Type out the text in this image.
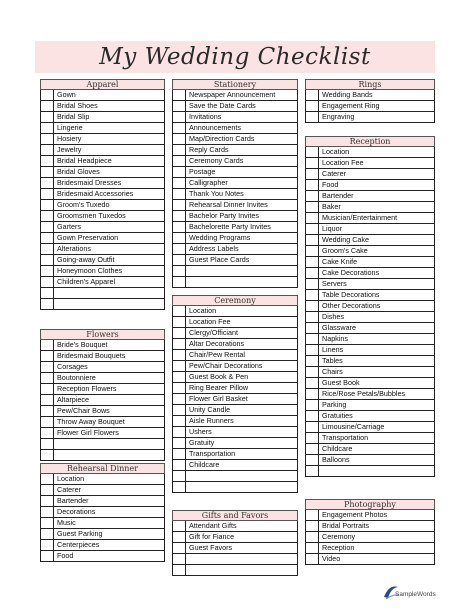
My Wedding Checklist
Apparel
Gown
Bridal Shoes
Bridal Slip
Lingerie
Hosiery
Jewelry
Bridal Headpiece
Bridal Gloves
Bridesmaid Dresses
Bridesmaid Accessories
Groom's Tuxedo
Groomsmen Tuxedos
Garters
Gown Preservation
Alterations
Going-away Outfit
Honeymoon Clothes
Children's Apparel
Flowers
Bride's Bouquet
Bridesmaid Bouquets
Corsages
Boutonniere
Reception Flowers
Altarpiece
Pew/Chair Bows
Throw Away Bouquet
Flower Girl Flowers
Rehearsal Dinner
Location
Caterer
Bartender
Decorations
Music
Guest Parking
Centerpieces
Food
Stationery
Newspaper Announcement
Save the Date Cards
Invitations
Announcements
Map/Direction Cards
Reply Cards
Ceremony Cards
Postage
Calligrapher
Thank You Notes
Rehearsal Dinner Invites
Bachelor Party Invites
Bachelorette Party Invites
Wedding Programs
Address Labels
Guest Place Cards
Ceremony
Location
Location Fee
Clergy/Officiant
Altar Decorations
Chair/Pew Rental
Pew/Chair Decorations
Guest Book & Pen
Ring Bearer Pillow
Flower Girl Basket
Unity Candle
Aisle Runners
Ushers
Gratuity
Transportation
Childcare
Gifts and Favors
Attendant Gifts
Gift for Fiance
Guest Favors
Rings
Wedding Bands
Engagement Ring
Engraving
Reception
Location
Location Fee
Caterer
Food
Bartender
Baker
Musician/Entertainment
Liquor
Wedding Cake
Groom's Cake
Cake Knife
Cake Decorations
Servers
Table Decorations
Other Decorations
Dishes
Glassware
Napkins
Linens
Tables
Chairs
Guest Book
Rice/Rose Petals/Bubbles
Parking
Gratuities
Limousine/Carriage
Transportation
Childcare
Balloons
Photography
Engagement Photos
Bridal Portraits
Ceremony
Reception
Video
SampleWords
